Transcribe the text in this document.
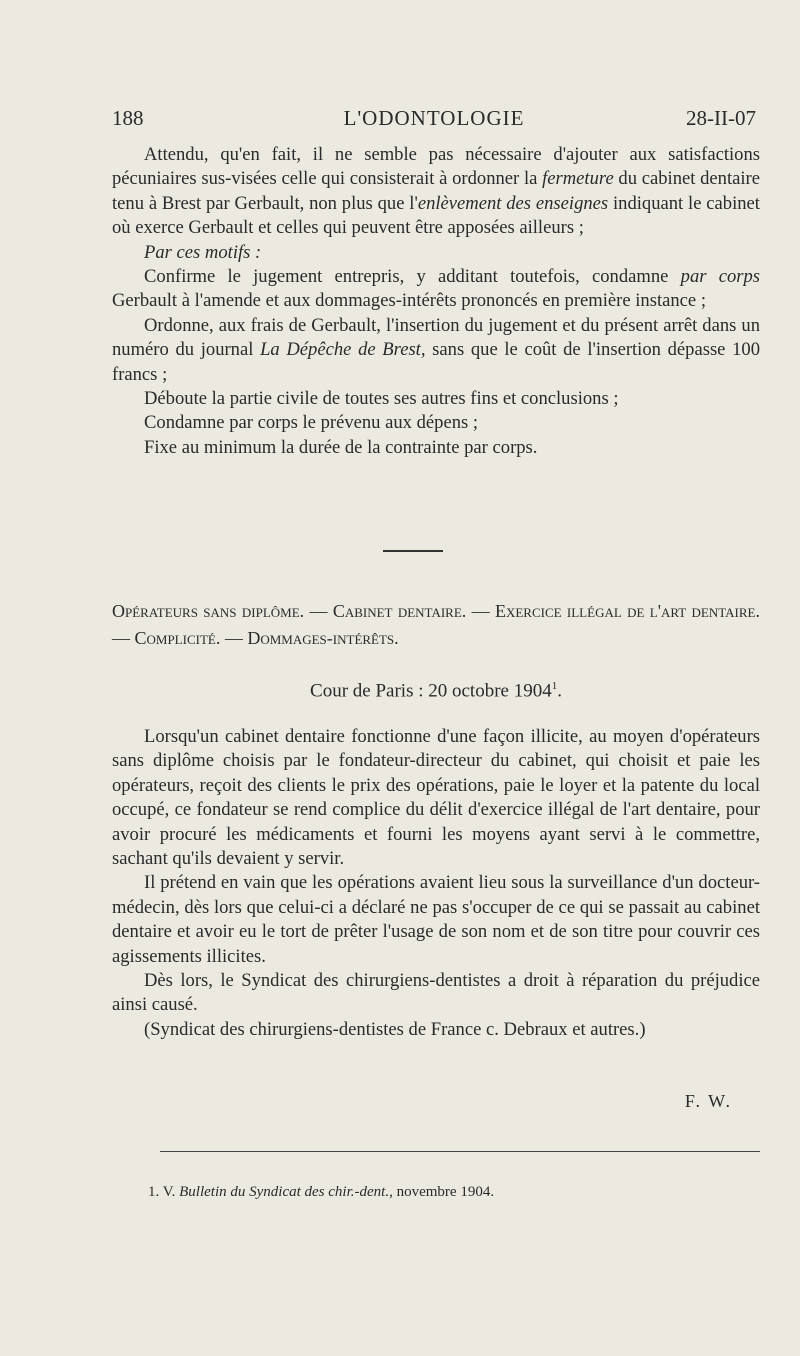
188	L'ODONTOLOGIE	28-II-07

Attendu, qu'en fait, il ne semble pas nécessaire d'ajouter aux satisfactions pécuniaires sus-visées celle qui consisterait à ordonner la fermeture du cabinet dentaire tenu à Brest par Gerbault, non plus que l'enlèvement des enseignes indiquant le cabinet où exerce Gerbault et celles qui peuvent être apposées ailleurs ;

Par ces motifs :

Confirme le jugement entrepris, y additant toutefois, condamne par corps Gerbault à l'amende et aux dommages-intérêts prononcés en première instance ;

Ordonne, aux frais de Gerbault, l'insertion du jugement et du présent arrêt dans un numéro du journal La Dépêche de Brest, sans que le coût de l'insertion dépasse 100 francs ;

Déboute la partie civile de toutes ses autres fins et conclusions ;

Condamne par corps le prévenu aux dépens ;

Fixe au minimum la durée de la contrainte par corps.

Opérateurs sans diplôme. — Cabinet dentaire. — Exercice illégal de l'art dentaire. — Complicité. — Dommages-intérêts.
Cour de Paris : 20 octobre 1904$^1$.

Lorsqu'un cabinet dentaire fonctionne d'une façon illicite, au moyen d'opérateurs sans diplôme choisis par le fondateur-directeur du cabinet, qui choisit et paie les opérateurs, reçoit des clients le prix des opérations, paie le loyer et la patente du local occupé, ce fondateur se rend complice du délit d'exercice illégal de l'art dentaire, pour avoir procuré les médicaments et fourni les moyens ayant servi à le commettre, sachant qu'ils devaient y servir.

Il prétend en vain que les opérations avaient lieu sous la surveillance d'un docteur-médecin, dès lors que celui-ci a déclaré ne pas s'occuper de ce qui se passait au cabinet dentaire et avoir eu le tort de prêter l'usage de son nom et de son titre pour couvrir ces agissements illicites.

Dès lors, le Syndicat des chirurgiens-dentistes a droit à réparation du préjudice ainsi causé.

(Syndicat des chirurgiens-dentistes de France c. Debraux et autres.)

F. W.
1. V. Bulletin du Syndicat des chir.-dent., novembre 1904.
